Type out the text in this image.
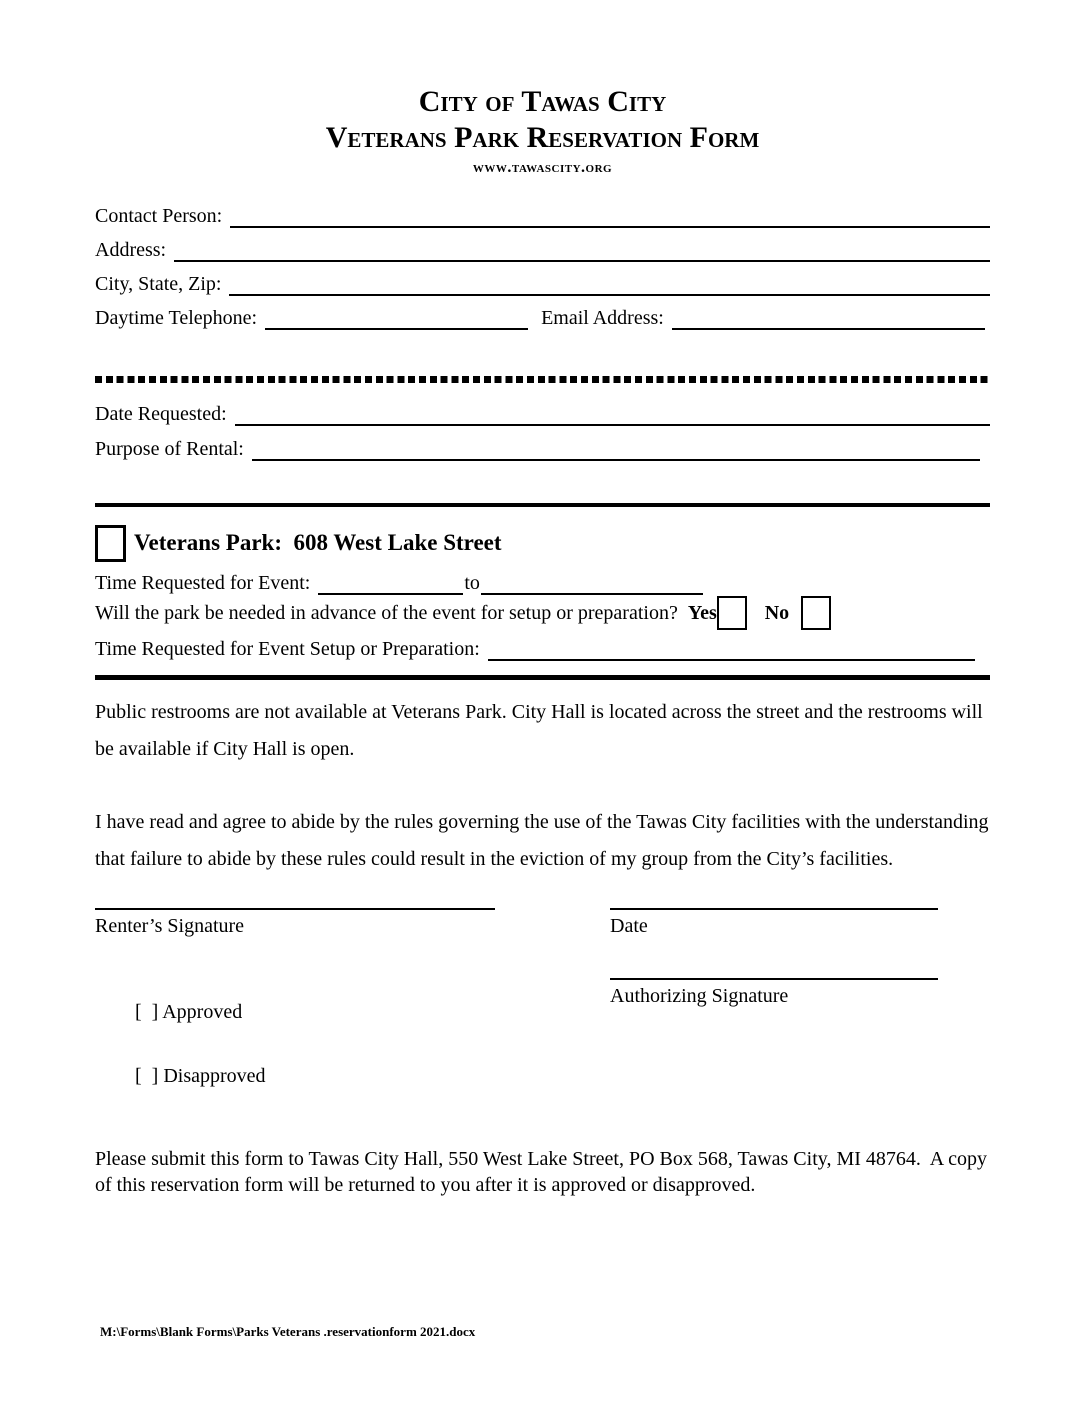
City of Tawas City
Veterans Park Reservation Form
www.tawascity.org
Contact Person:
Address:
City, State, Zip:
Daytime Telephone:	Email Address:
Date Requested:
Purpose of Rental:
Veterans Park:  608 West Lake Street
Time Requested for Event:	to
Will the park be needed in advance of the event for setup or preparation? Yes No
Time Requested for Event Setup or Preparation:

Public restrooms are not available at Veterans Park. City Hall is located across the street and the restrooms will be available if City Hall is open.

I have read and agree to abide by the rules governing the use of the Tawas City facilities with the understanding that failure to abide by these rules could result in the eviction of my group from the City’s facilities.

Renter’s Signature

[  ] Approved

[  ] Disapproved

Date
Authorizing Signature
Please submit this form to Tawas City Hall, 550 West Lake Street, PO Box 568, Tawas City, MI 48764.  A copy of this reservation form will be returned to you after it is approved or disapproved.
M:\Forms\Blank Forms\Parks Veterans .reservationform 2021.docx
